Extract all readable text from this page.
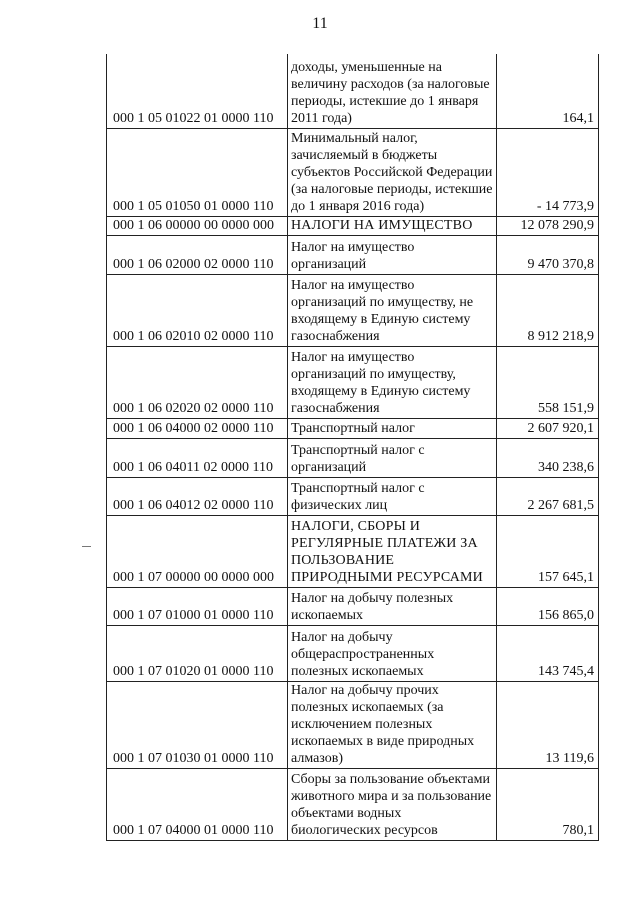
11
000 1 05 01022 01 0000 110	доходы, уменьшенные на величину расходов (за налоговые периоды, истекшие до 1 января 2011 года)	164,1
000 1 05 01050 01 0000 110	Минимальный налог, зачисляемый в бюджеты субъектов Российской Федерации (за налоговые периоды, истекшие до 1 января 2016 года)	- 14 773,9
000 1 06 00000 00 0000 000	НАЛОГИ НА ИМУЩЕСТВО	12 078 290,9
000 1 06 02000 02 0000 110	Налог на имущество организаций	9 470 370,8
000 1 06 02010 02 0000 110	Налог на имущество организаций по имуществу, не входящему в Единую систему газоснабжения	8 912 218,9
000 1 06 02020 02 0000 110	Налог на имущество организаций по имуществу, входящему в Единую систему газоснабжения	558 151,9
000 1 06 04000 02 0000 110	Транспортный налог	2 607 920,1
000 1 06 04011 02 0000 110	Транспортный налог с организаций	340 238,6
000 1 06 04012 02 0000 110	Транспортный налог с физических лиц	2 267 681,5
000 1 07 00000 00 0000 000	НАЛОГИ, СБОРЫ И РЕГУЛЯРНЫЕ ПЛАТЕЖИ ЗА ПОЛЬЗОВАНИЕ ПРИРОДНЫМИ РЕСУРСАМИ	157 645,1
000 1 07 01000 01 0000 110	Налог на добычу полезных ископаемых	156 865,0
000 1 07 01020 01 0000 110	Налог на добычу общераспространенных полезных ископаемых	143 745,4
000 1 07 01030 01 0000 110	Налог на добычу прочих полезных ископаемых (за исключением полезных ископаемых в виде природных алмазов)	13 119,6
000 1 07 04000 01 0000 110	Сборы за пользование объектами животного мира и за пользование объектами водных биологических ресурсов	780,1
